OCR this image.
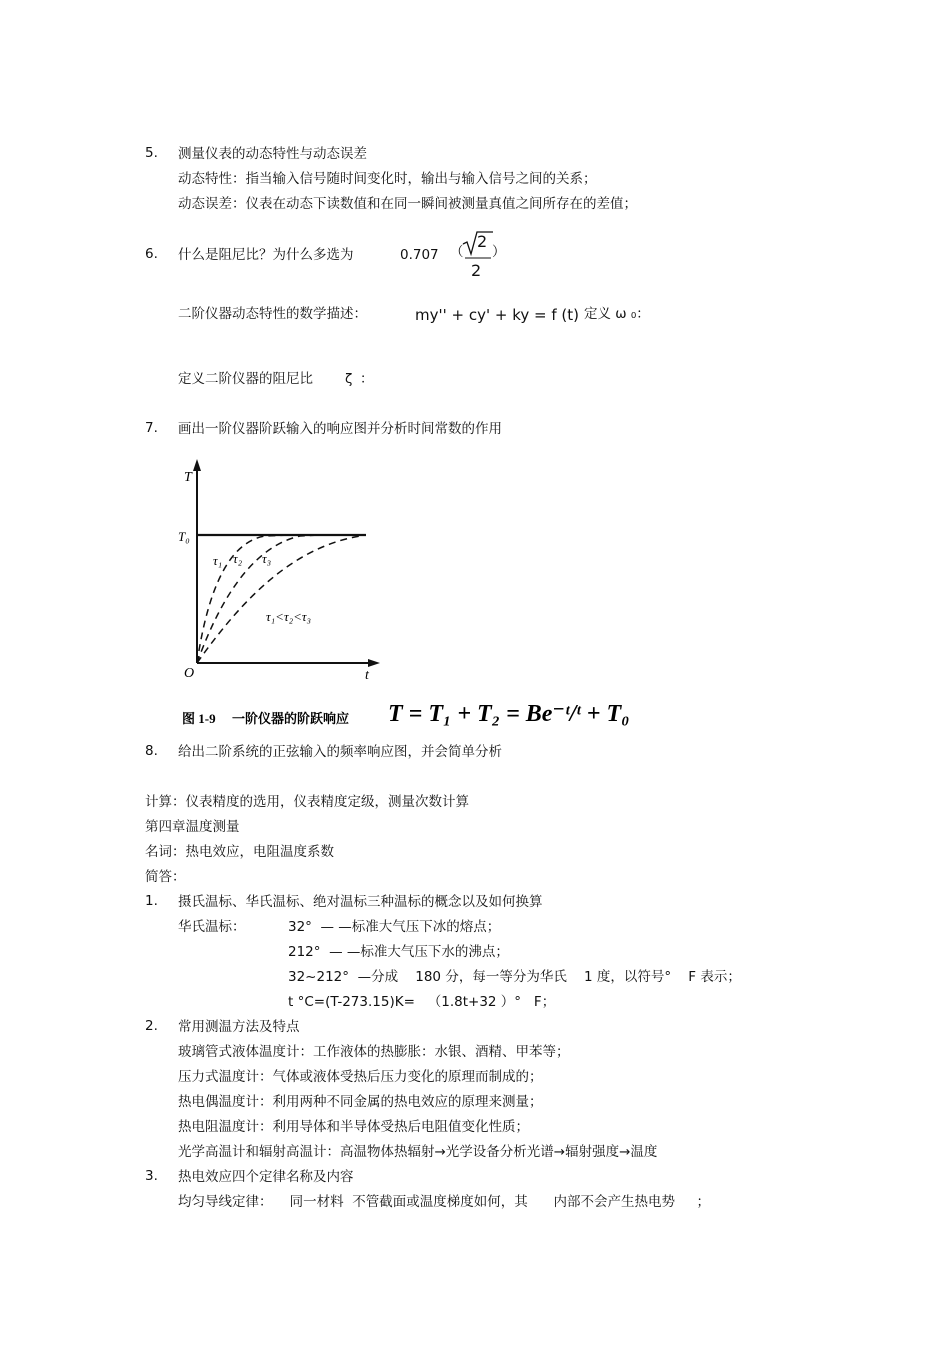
5. 测量仪表的动态特性与动态误差
动态特性：指当输入信号随时间变化时，输出与输入信号之间的关系；
动态误差：仪表在动态下读数值和在同一瞬间被测量真值之间所存在的差值；
6. 什么是阻尼比？为什么多选为	0.707 （
2
2
）
二阶仪器动态特性的数学描述：	my'' + cy' + ky = f (t) 定义 ω ₀：
定义二阶仪器的阻尼比 ζ ：
7. 画出一阶仪器阶跃输入的响应图并分析时间常数的作用
T
T₀
O	t
τ₁ τ₂ τ₃
τ₁<τ₂<τ₃
图 1-9 一阶仪器的阶跃响应 T = T₁ + T₂ = Be⁻ᵗ/ᵗ + T₀
8. 给出二阶系统的正弦输入的频率响应图，并会简单分析
计算：仪表精度的选用，仪表精度定级，测量次数计算
第四章温度测量
名词：热电效应，电阻温度系数
简答：
1. 摄氏温标、华氏温标、绝对温标三种温标的概念以及如何换算
华氏温标：	32°  — —标准大气压下冰的熔点；
212°  — —标准大气压下水的沸点；
32~212°  —分成    180 分，每一等分为华氏    1 度，以符号°    F 表示；
t °C=(T-273.15)K=   （1.8t+32 ）°   F；
2. 常用测温方法及特点
玻璃管式液体温度计：工作液体的热膨胀：水银、酒精、甲苯等；
压力式温度计：气体或液体受热后压力变化的原理而制成的；
热电偶温度计：利用两种不同金属的热电效应的原理来测量；
热电阻温度计：利用导体和半导体受热后电阻值变化性质；
光学高温计和辐射高温计：高温物体热辐射→光学设备分析光谱→辐射强度→温度
3. 热电效应四个定律名称及内容
均匀导线定律：    同一材料  不管截面或温度梯度如何，其      内部不会产生热电势     ；
